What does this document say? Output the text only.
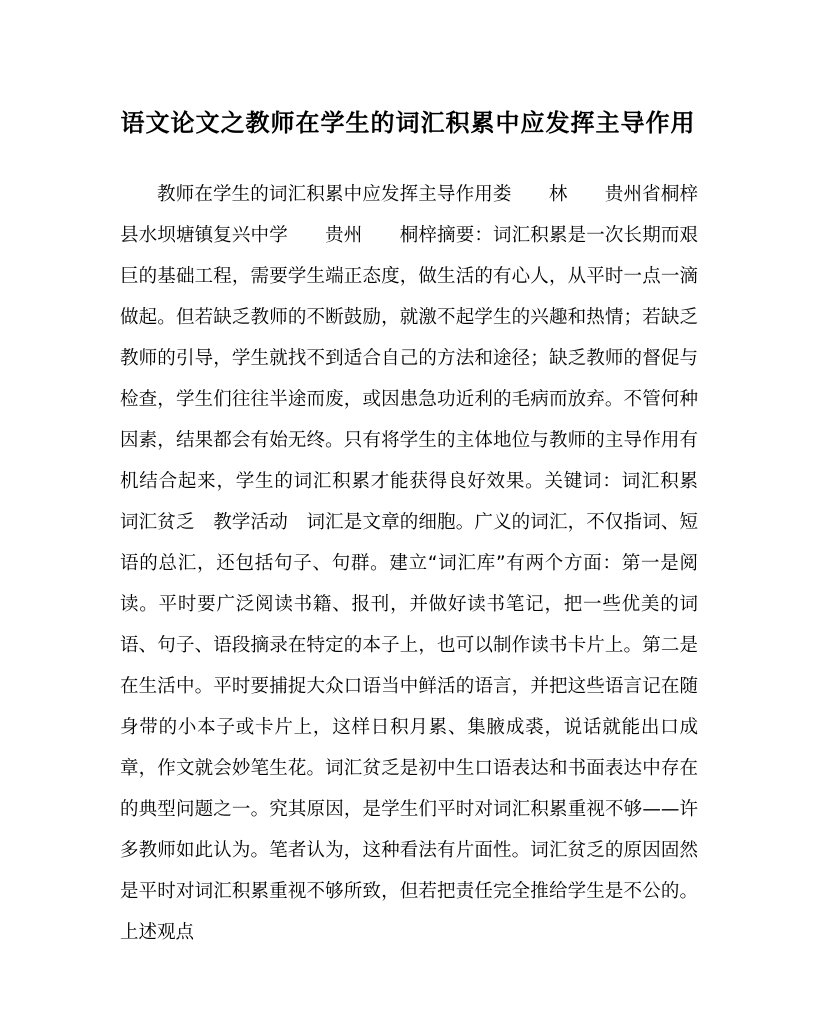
语文论文之教师在学生的词汇积累中应发挥主导作用

教师在学生的词汇积累中应发挥主导作用娄　　林　　贵州省桐梓县水坝塘镇复兴中学　　贵州　　桐梓摘要：词汇积累是一次长期而艰巨的基础工程，需要学生端正态度，做生活的有心人，从平时一点一滴做起。但若缺乏教师的不断鼓励，就激不起学生的兴趣和热情；若缺乏教师的引导，学生就找不到适合自己的方法和途径；缺乏教师的督促与检查，学生们往往半途而废，或因患急功近利的毛病而放弃。不管何种因素，结果都会有始无终。只有将学生的主体地位与教师的主导作用有机结合起来，学生的词汇积累才能获得良好效果。关键词：词汇积累　词汇贫乏　教学活动　词汇是文章的细胞。广义的词汇，不仅指词、短语的总汇，还包括句子、句群。建立“词汇库”有两个方面：第一是阅读。平时要广泛阅读书籍、报刊，并做好读书笔记，把一些优美的词语、句子、语段摘录在特定的本子上，也可以制作读书卡片上。第二是在生活中。平时要捕捉大众口语当中鲜活的语言，并把这些语言记在随身带的小本子或卡片上，这样日积月累、集腋成裘，说话就能出口成章，作文就会妙笔生花。词汇贫乏是初中生口语表达和书面表达中存在的典型问题之一。究其原因，是学生们平时对词汇积累重视不够——许多教师如此认为。笔者认为，这种看法有片面性。词汇贫乏的原因固然是平时对词汇积累重视不够所致，但若把责任完全推给学生是不公的。上述观点
